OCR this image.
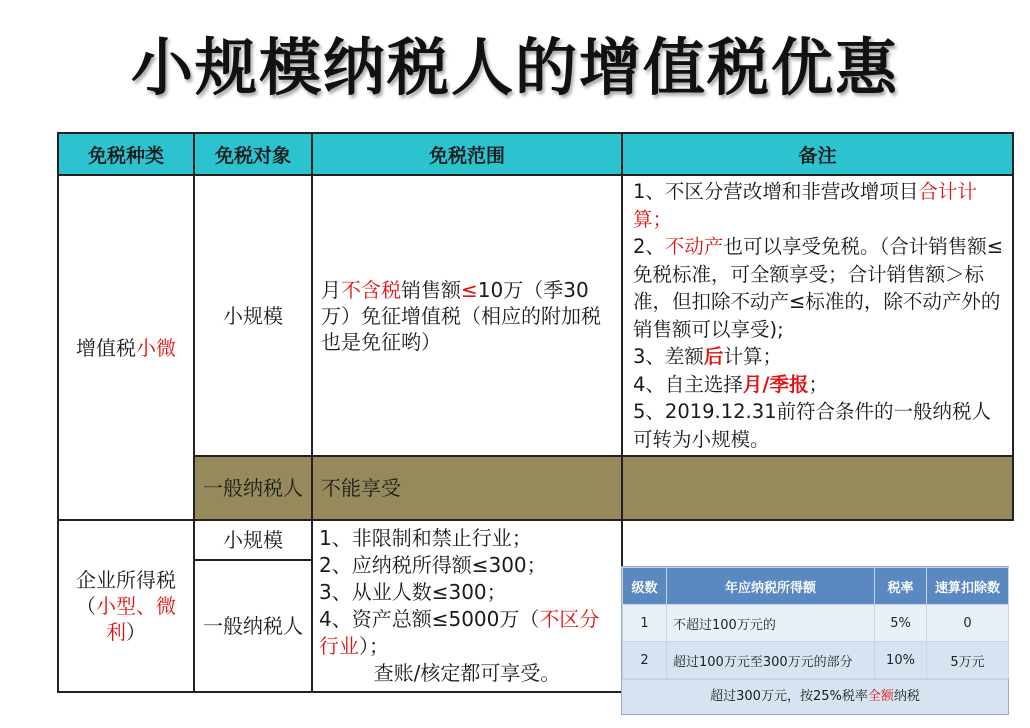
小规模纳税人的增值税优惠
免税种类	免税对象	免税范围	备注
增值税小微	小规模	月不含税销售额≤10万（季30万）免征增值税（相应的附加税也是免征哟）	1、不区分营改增和非营改增项目合计计算；
2、不动产也可以享受免税。（合计销售额≤免税标准，可全额享受；合计销售额＞标准，但扣除不动产≤标准的，除不动产外的销售额可以享受);
3、差额后计算；
4、自主选择月/季报；
5、2019.12.31前符合条件的一般纳税人可转为小规模。

	一般纳税人	不能享受	
企业所得税（小型、微利）	小规模	1、非限制和禁止行业；
2、应纳税所得额≤300；
3、从业人数≤300；
4、资产总额≤5000万（不区分行业）；
查账/核定都可享受。	

	一般纳税人		
级数	年应纳税所得额	税率	速算扣除数
1	不超过100万元的	5%	0
2	超过100万元至300万元的部分	10%	5万元
超过300万元，按25%税率全额纳税
